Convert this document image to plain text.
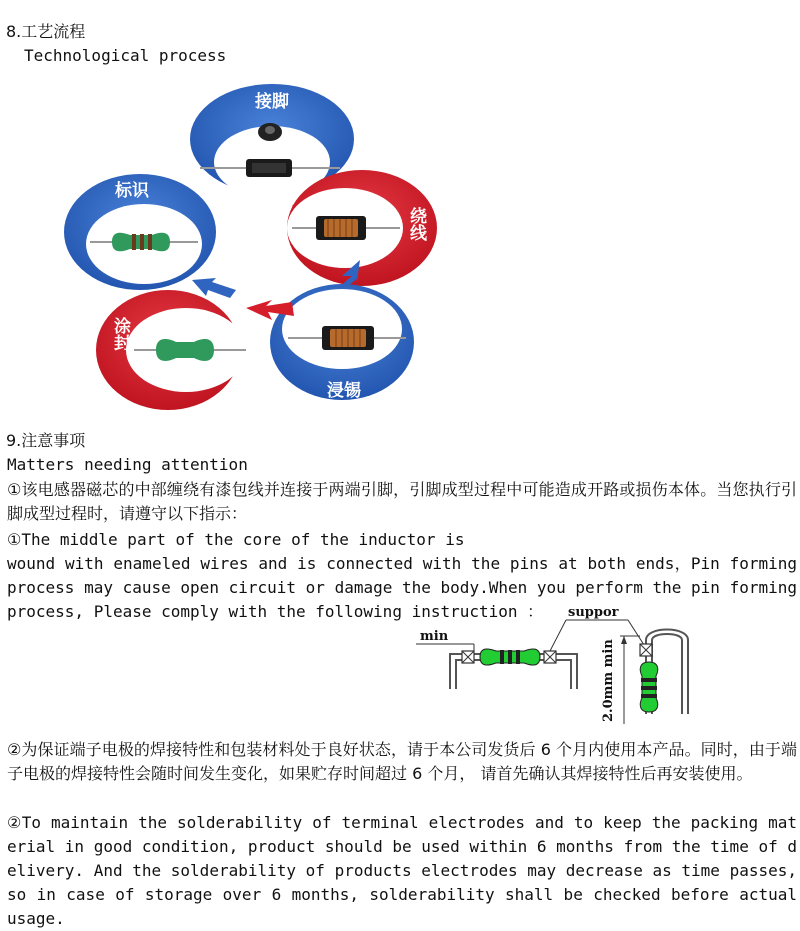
8.工艺流程
Technological process
接脚
绕线
浸锡
涂封
标识
9.注意事项
Matters needing attention
①该电感器磁芯的中部缠绕有漆包线并连接于两端引脚，引脚成型过程中可能造成开路或损伤本体。当您执行引脚成型过程时，请遵守以下指示：
①The middle part of the core of the inductor is
wound with enameled wires and is connected with the pins at both ends，Pin forming process may cause open circuit or damage the body.When you perform the pin forming process, Please comply with the following instruction ：
min
suppor
2.0mm min
②为保证端子电极的焊接特性和包装材料处于良好状态，请于本公司发货后 6 个月内使用本产品。同时，由于端子电极的焊接特性会随时间发生变化，如果贮存时间超过 6 个月， 请首先确认其焊接特性后再安装使用。
②To maintain the solderability of terminal electrodes and to keep the packing material in good condition, product should be used within 6 months from the time of delivery. And the solderability of products electrodes may decrease as time passes, so in case of storage over 6 months, solderability shall be checked before actual usage.
